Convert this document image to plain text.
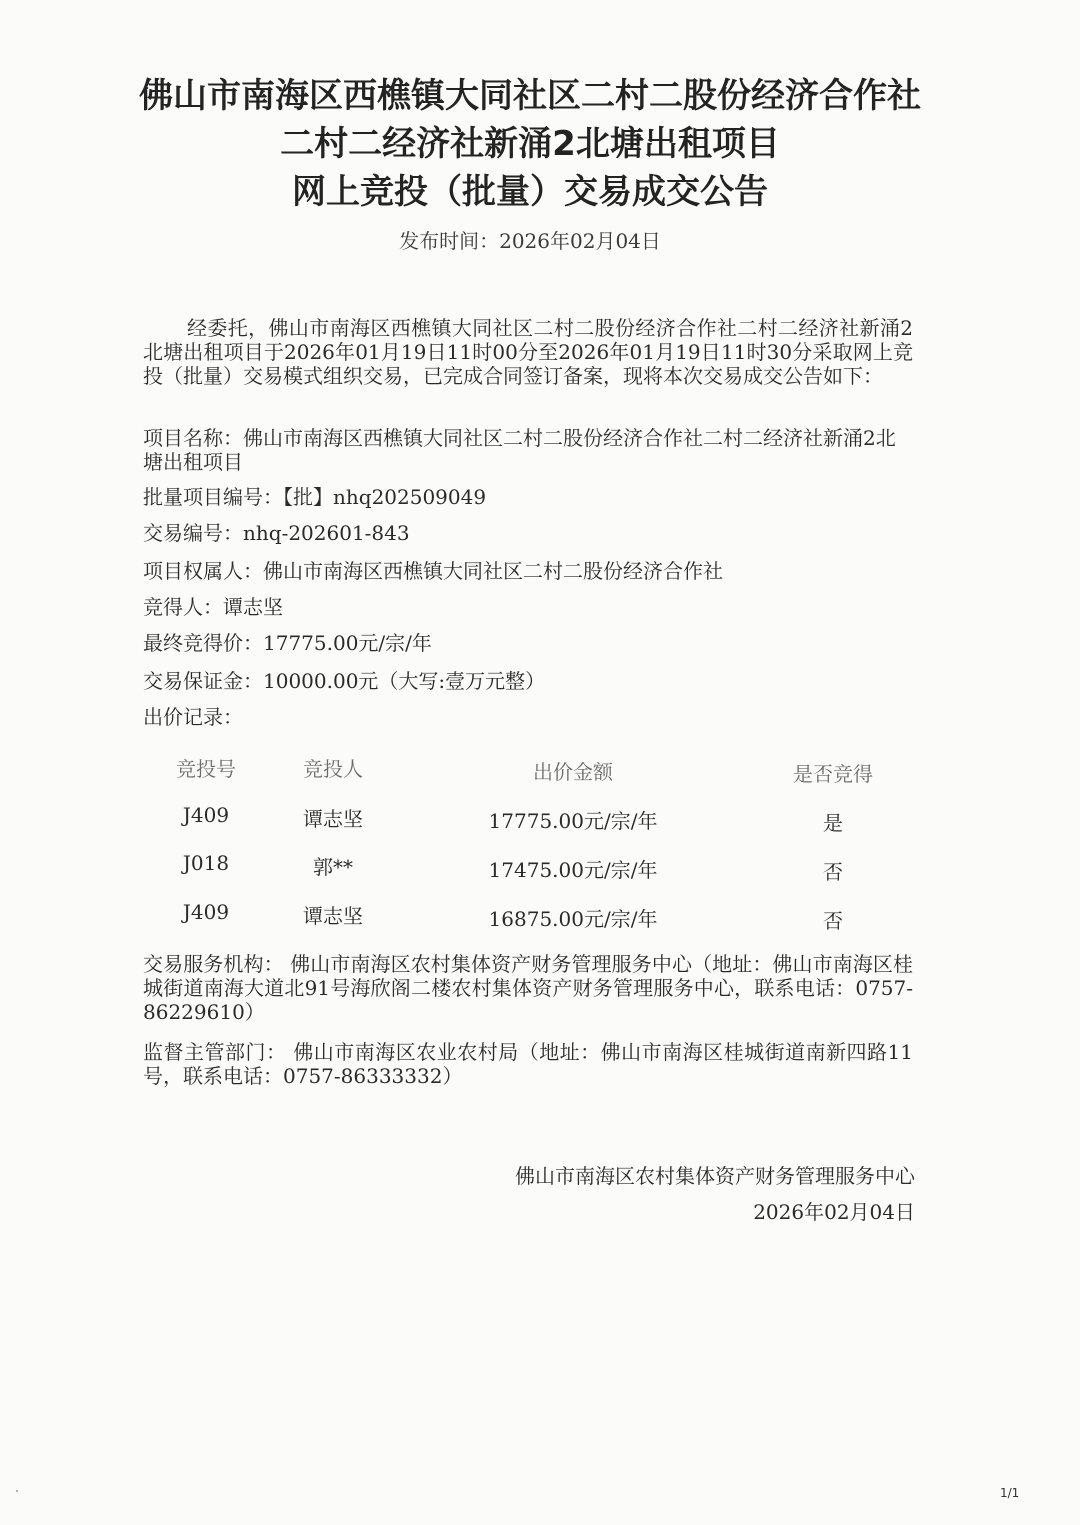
佛山市南海区西樵镇大同社区二村二股份经济合作社
二村二经济社新涌2北塘出租项目
网上竞投（批量）交易成交公告
发布时间：2026年02月04日
经委托，佛山市南海区西樵镇大同社区二村二股份经济合作社二村二经济社新涌2北塘出租项目于2026年01月19日11时00分至2026年01月19日11时30分采取网上竞投（批量）交易模式组织交易，已完成合同签订备案，现将本次交易成交公告如下：
项目名称：佛山市南海区西樵镇大同社区二村二股份经济合作社二村二经济社新涌2北塘出租项目
批量项目编号：【批】nhq202509049
交易编号：nhq-202601-843
项目权属人：佛山市南海区西樵镇大同社区二村二股份经济合作社
竞得人：谭志坚
最终竞得价：17775.00元/宗/年
交易保证金：10000.00元（大写:壹万元整）
出价记录：
竞投号	竞投人	出价金额	是否竞得
J409	谭志坚	17775.00元/宗/年	是
J018	郭**	17475.00元/宗/年	否
J409	谭志坚	16875.00元/宗/年	否
交易服务机构： 佛山市南海区农村集体资产财务管理服务中心（地址：佛山市南海区桂城街道南海大道北91号海欣阁二楼农村集体资产财务管理服务中心，联系电话：0757-86229610）
监督主管部门： 佛山市南海区农业农村局（地址：佛山市南海区桂城街道南新四路11号，联系电话：0757-86333332）
佛山市南海区农村集体资产财务管理服务中心
2026年02月04日
1/1
